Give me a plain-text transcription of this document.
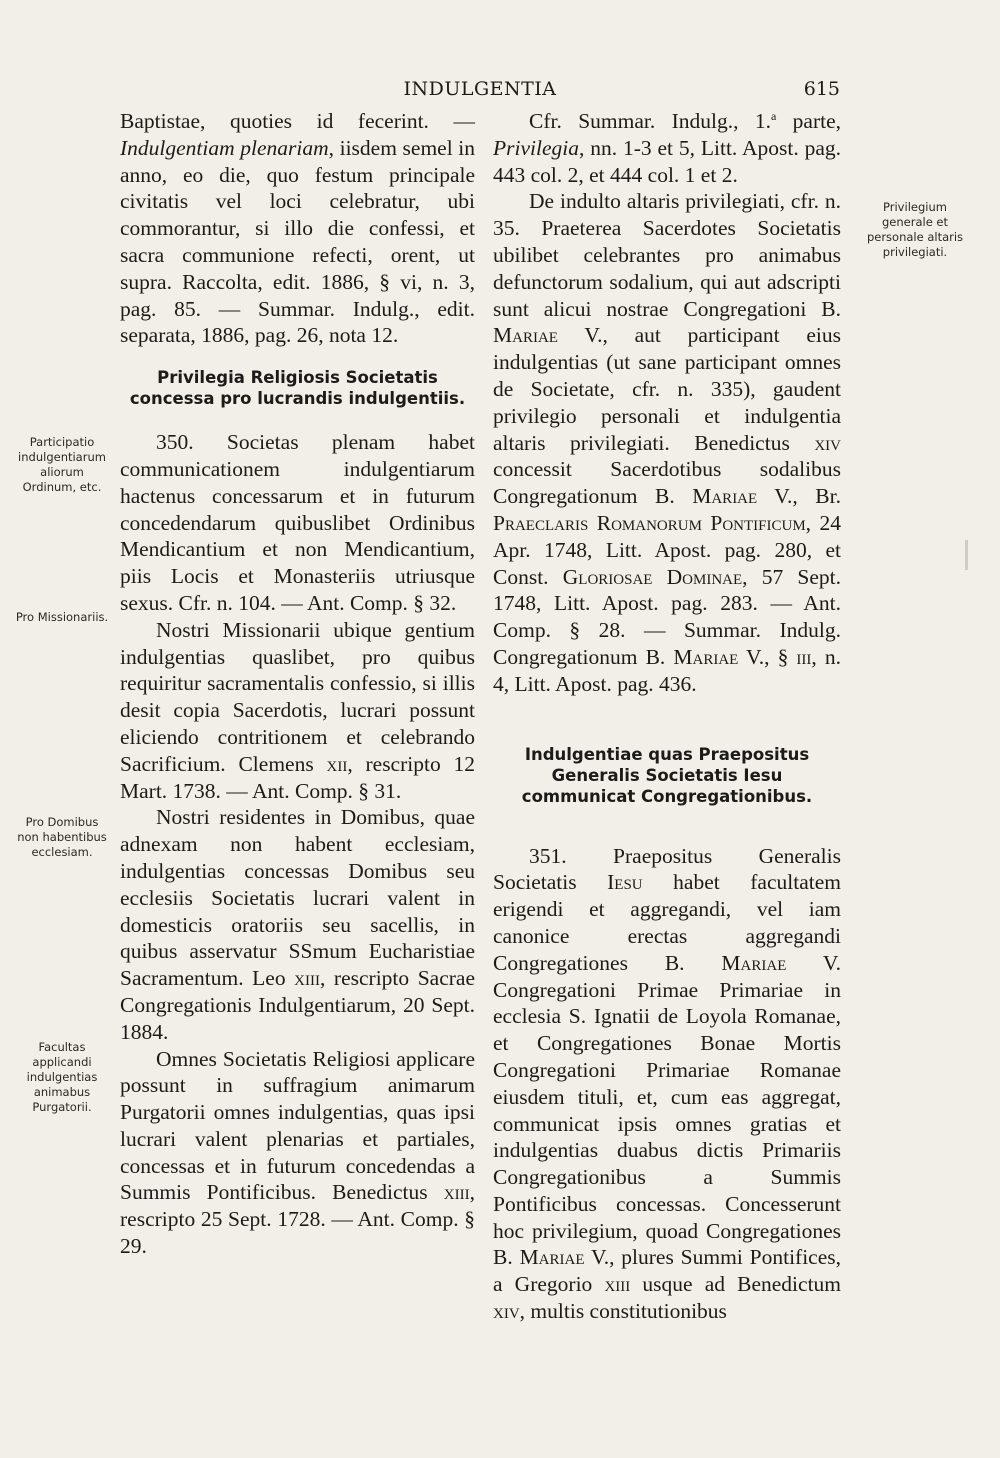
INDULGENTIA	615

Baptistae, quoties id fecerint. — Indulgentiam plenariam, iisdem semel in anno, eo die, quo festum principale civitatis vel loci celebratur, ubi commorantur, si illo die confessi, et sacra communione refecti, orent, ut supra. Raccolta, edit. 1886, § vi, n. 3, pag. 85. — Summar. Indulg., edit. separata, 1886, pag. 26, nota 12.

Privilegia Religiosis Societatis concessa pro lucrandis indulgentiis.

350. Societas plenam habet communicationem indulgentiarum hactenus concessarum et in futurum concedendarum quibuslibet Ordinibus Mendicantium et non Mendicantium, piis Locis et Monasteriis utriusque sexus. Cfr. n. 104. — Ant. Comp. § 32.

Nostri Missionarii ubique gentium indulgentias quaslibet, pro quibus requiritur sacramentalis confessio, si illis desit copia Sacerdotis, lucrari possunt eliciendo contritionem et celebrando Sacrificium. Clemens xii, rescripto 12 Mart. 1738. — Ant. Comp. § 31.

Nostri residentes in Domibus, quae adnexam non habent ecclesiam, indulgentias concessas Domibus seu ecclesiis Societatis lucrari valent in domesticis oratoriis seu sacellis, in quibus asservatur SSmum Eucharistiae Sacramentum. Leo xiii, rescripto Sacrae Congregationis Indulgentiarum, 20 Sept. 1884.

Omnes Societatis Religiosi applicare possunt in suffragium animarum Purgatorii omnes indulgentias, quas ipsi lucrari valent plenarias et partiales, concessas et in futurum concedendas a Summis Pontificibus. Benedictus xiii, rescripto 25 Sept. 1728. — Ant. Comp. § 29.

Cfr. Summar. Indulg., 1.$^a$ parte, Privilegia, nn. 1-3 et 5, Litt. Apost. pag. 443 col. 2, et 444 col. 1 et 2.

De indulto altaris privilegiati, cfr. n. 35. Praeterea Sacerdotes Societatis ubilibet celebrantes pro animabus defunctorum sodalium, qui aut adscripti sunt alicui nostrae Congregationi B. Mariae V., aut participant eius indulgentias (ut sane participant omnes de Societate, cfr. n. 335), gaudent privilegio personali et indulgentia altaris privilegiati. Benedictus xiv concessit Sacerdotibus sodalibus Congregationum B. Mariae V., Br. Praeclaris Romanorum Pontificum, 24 Apr. 1748, Litt. Apost. pag. 280, et Const. Gloriosae Dominae, 57 Sept. 1748, Litt. Apost. pag. 283. — Ant. Comp. § 28. — Summar. Indulg. Congregationum B. Mariae V., § iii, n. 4, Litt. Apost. pag. 436.

Indulgentiae quas Praepositus Generalis Societatis Iesu communicat Congregationibus.

351. Praepositus Generalis Societatis Iesu habet facultatem erigendi et aggregandi, vel iam canonice erectas aggregandi Congregationes B. Mariae V. Congregationi Primae Primariae in ecclesia S. Ignatii de Loyola Romanae, et Congregationes Bonae Mortis Congregationi Primariae Romanae eiusdem tituli, et, cum eas aggregat, communicat ipsis omnes gratias et indulgentias duabus dictis Primariis Congregationibus a Summis Pontificibus concessas. Concesserunt hoc privilegium, quoad Congregationes B. Mariae V., plures Summi Pontifices, a Gregorio xiii usque ad Benedictum xiv, multis constitutionibus

Participatio indulgentiarum aliorum Ordinum, etc.
Pro Missionariis.
Pro Domibus non habentibus ecclesiam.
Facultas applicandi indulgentias animabus Purgatorii.
Privilegium generale et personale altaris privilegiati.
